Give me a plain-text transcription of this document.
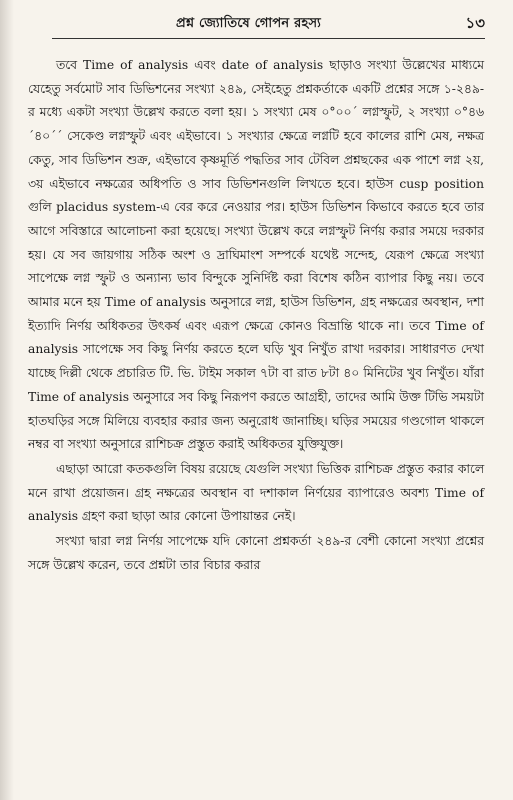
প্রশ্ন জ্যোতিষে গোপন রহস্য	১৩

তবে Time of analysis এবং date of analysis ছাড়াও সংখ্যা উল্লেখের মাধ্যমে যেহেতু সর্বমোট সাব ডিভিশনের সংখ্যা ২৪৯, সেইহেতু প্রশ্নকর্তাকে একটি প্রশ্নের সঙ্গে ১-২৪৯-র মধ্যে একটা সংখ্যা উল্লেখ করতে বলা হয়। ১ সংখ্যা মেষ ০°০০´ লগ্নস্ফুট, ২ সংখ্যা ০°৪৬´৪০´´ সেকেণ্ড লগ্নস্ফুট এবং এইভাবে। ১ সংখ্যার ক্ষেত্রে লগ্নটি হবে কালের রাশি মেষ, নক্ষত্র কেতু, সাব ডিভিশন শুক্র, এইভাবে কৃষ্ণমূর্তি পদ্ধতির সাব টেবিল প্রশ্নছকের এক পাশে লগ্ন ২য়, ৩য় এইভাবে নক্ষত্রের অধিপতি ও সাব ডিভিশনগুলি লিখতে হবে। হাউস cusp position গুলি placidus system-এ বের করে নেওয়ার পর। হাউস ডিভিশন কিভাবে করতে হবে তার আগে সবিস্তারে আলোচনা করা হয়েছে। সংখ্যা উল্লেখ করে লগ্নস্ফুট নির্ণয় করার সময়ে দরকার হয়। যে সব জায়গায় সঠিক অংশ ও দ্রাঘিমাংশ সম্পর্কে যথেষ্ট সন্দেহ, যেরূপ ক্ষেত্রে সংখ্যা সাপেক্ষে লগ্ন স্ফুট ও অন্যান্য ভাব বিন্দুকে সুনির্দিষ্ট করা বিশেষ কঠিন ব্যাপার কিছু নয়। তবে আমার মনে হয় Time of analysis অনুসারে লগ্ন, হাউস ডিভিশন, গ্রহ নক্ষত্রের অবস্থান, দশা ইত্যাদি নির্ণয় অধিকতর উৎকর্ষ এবং এরূপ ক্ষেত্রে কোনও বিভ্রান্তি থাকে না। তবে Time of analysis সাপেক্ষে সব কিছু নির্ণয় করতে হলে ঘড়ি খুব নিখুঁত রাখা দরকার। সাধারণত দেখা যাচ্ছে দিল্লী থেকে প্রচারিত টি. ভি. টাইম সকাল ৭টা বা রাত ৮টা ৪০ মিনিটের খুব নিখুঁত। যাঁরা Time of analysis অনুসারে সব কিছু নিরূপণ করতে আগ্রহী, তাদের আমি উক্ত টিভি সময়টা হাতঘড়ির সঙ্গে মিলিয়ে ব্যবহার করার জন্য অনুরোধ জানাচ্ছি। ঘড়ির সময়ের গণ্ডগোল থাকলে নম্বর বা সংখ্যা অনুসারে রাশিচক্র প্রস্তুত করাই অধিকতর যুক্তিযুক্ত।

এছাড়া আরো কতকগুলি বিষয় রয়েছে যেগুলি সংখ্যা ভিত্তিক রাশিচক্র প্রস্তুত করার কালে মনে রাখা প্রয়োজন। গ্রহ নক্ষত্রের অবস্থান বা দশাকাল নির্ণয়ের ব্যাপারেও অবশ্য Time of analysis গ্রহণ করা ছাড়া আর কোনো উপায়ান্তর নেই।

সংখ্যা দ্বারা লগ্ন নির্ণয় সাপেক্ষে যদি কোনো প্রশ্নকর্তা ২৪৯-র বেশী কোনো সংখ্যা প্রশ্নের সঙ্গে উল্লেখ করেন, তবে প্রশ্নটা তার বিচার করার
